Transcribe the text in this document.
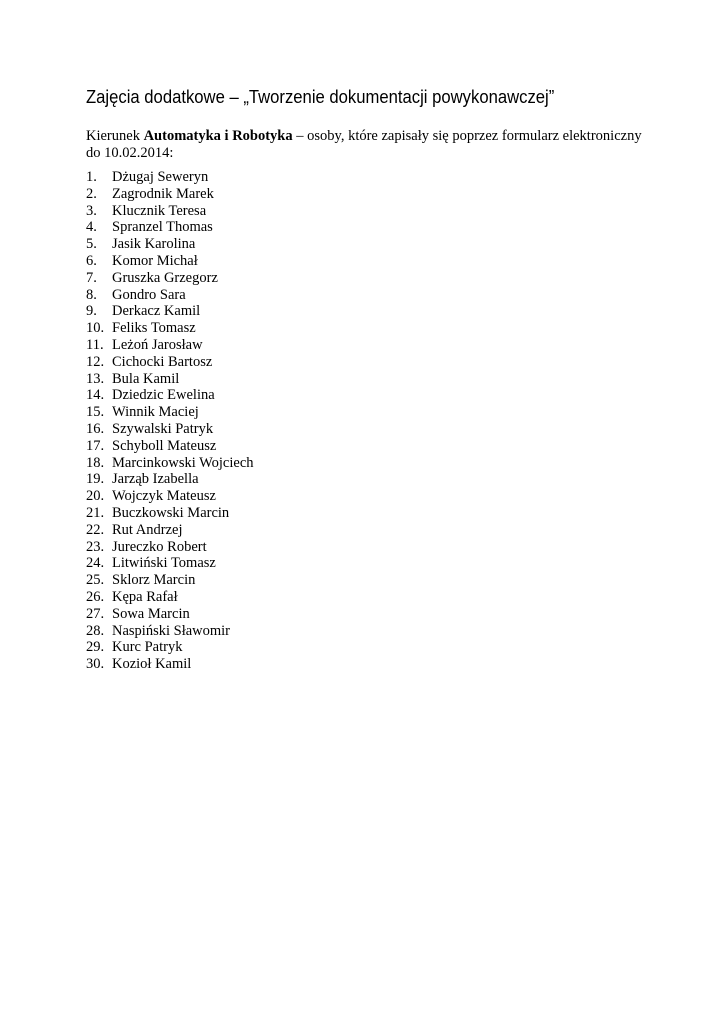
Zajęcia dodatkowe – „Tworzenie dokumentacji powykonawczej”

Kierunek Automatyka i Robotyka – osoby, które zapisały się poprzez formularz elektroniczny do 10.02.2014:

1.	Dżugaj Seweryn
2.	Zagrodnik Marek
3.	Klucznik Teresa
4.	Spranzel Thomas
5.	Jasik Karolina
6.	Komor Michał
7.	Gruszka Grzegorz
8.	Gondro Sara
9.	Derkacz Kamil
10. Feliks Tomasz
11. Leżoń Jarosław
12. Cichocki Bartosz
13. Bula Kamil
14. Dziedzic Ewelina
15. Winnik Maciej
16. Szywalski Patryk
17. Schyboll Mateusz
18. Marcinkowski Wojciech
19. Jarząb Izabella
20. Wojczyk Mateusz
21. Buczkowski Marcin
22. Rut Andrzej
23. Jureczko Robert
24. Litwiński Tomasz
25. Sklorz Marcin
26. Kępa Rafał
27. Sowa Marcin
28. Naspiński Sławomir
29. Kurc Patryk
30. Kozioł Kamil
